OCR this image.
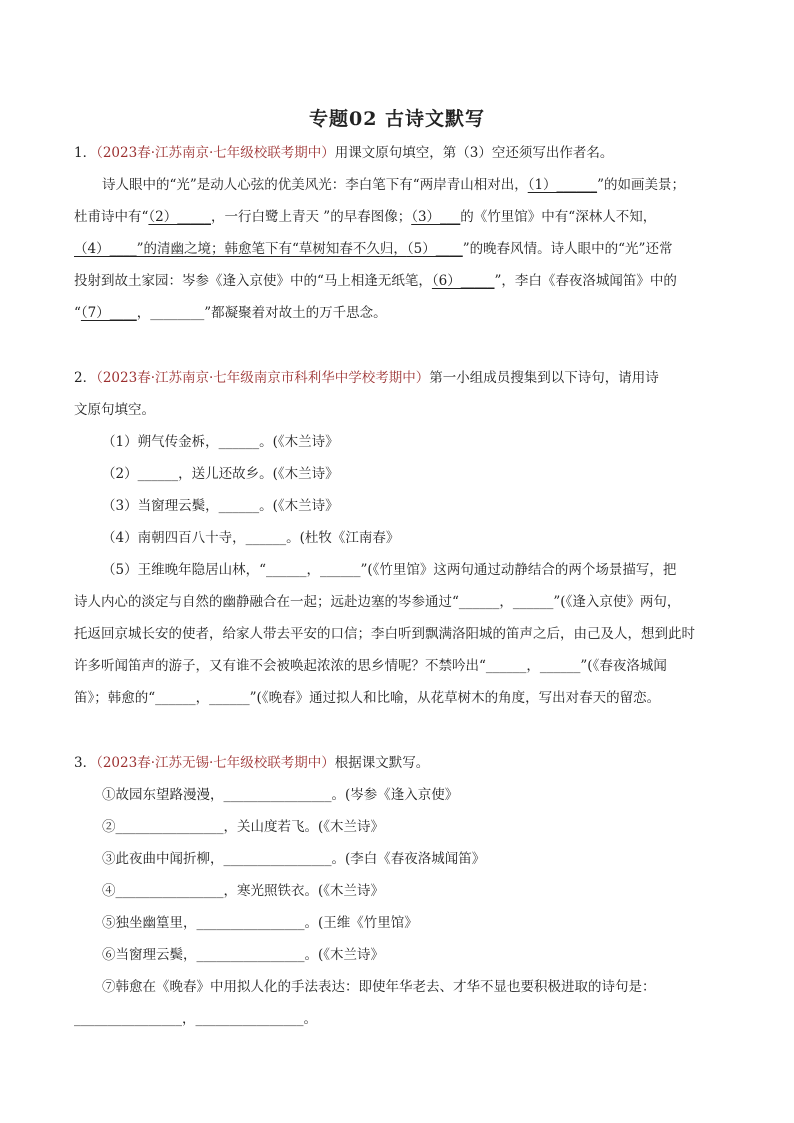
专题02 古诗文默写
1．（2023春·江苏南京·七年级校联考期中）用课文原句填空，第（3）空还须写出作者名。
诗人眼中的“光”是动人心弦的优美风光：李白笔下有“两岸青山相对出，（1）______”的如画美景；
杜甫诗中有“（2）_____，一行白鹭上青天 ”的早春图像；（3）___的《竹里馆》中有“深林人不知，
（4）____”的清幽之境；韩愈笔下有“草树知春不久归，（5）____”的晚春风情。诗人眼中的“光”还常
投射到故土家园：岑参《逢入京使》中的“马上相逢无纸笔，（6）_____”，李白《春夜洛城闻笛》中的
“（7）____，________”都凝聚着对故土的万千思念。
2．（2023春·江苏南京·七年级南京市科利华中学校考期中）第一小组成员搜集到以下诗句，请用诗
文原句填空。
（1）朔气传金柝，______。(《木兰诗》
（2）______，送儿还故乡。(《木兰诗》
（3）当窗理云鬓，______。(《木兰诗》
（4）南朝四百八十寺，______。(杜牧《江南春》
（5）王维晚年隐居山林，“______，______”(《竹里馆》这两句通过动静结合的两个场景描写，把
诗人内心的淡定与自然的幽静融合在一起；远赴边塞的岑参通过“______，______”(《逢入京使》两句，
托返回京城长安的使者，给家人带去平安的口信；李白听到飘满洛阳城的笛声之后，由己及人，想到此时
许多听闻笛声的游子，又有谁不会被唤起浓浓的思乡情呢？不禁吟出“______，______”(《春夜洛城闻
笛》；韩愈的“______，______”(《晚春》通过拟人和比喻，从花草树木的角度，写出对春天的留恋。
3．（2023春·江苏无锡·七年级校联考期中）根据课文默写。
①故园东望路漫漫，________________。(岑参《逢入京使》
②________________，关山度若飞。(《木兰诗》
③此夜曲中闻折柳，________________。(李白《春夜洛城闻笛》
④________________，寒光照铁衣。(《木兰诗》
⑤独坐幽篁里，________________。(王维《竹里馆》
⑥当窗理云鬓，________________。(《木兰诗》
⑦韩愈在《晚春》中用拟人化的手法表达：即使年华老去、才华不显也要积极进取的诗句是：
________________，________________。
